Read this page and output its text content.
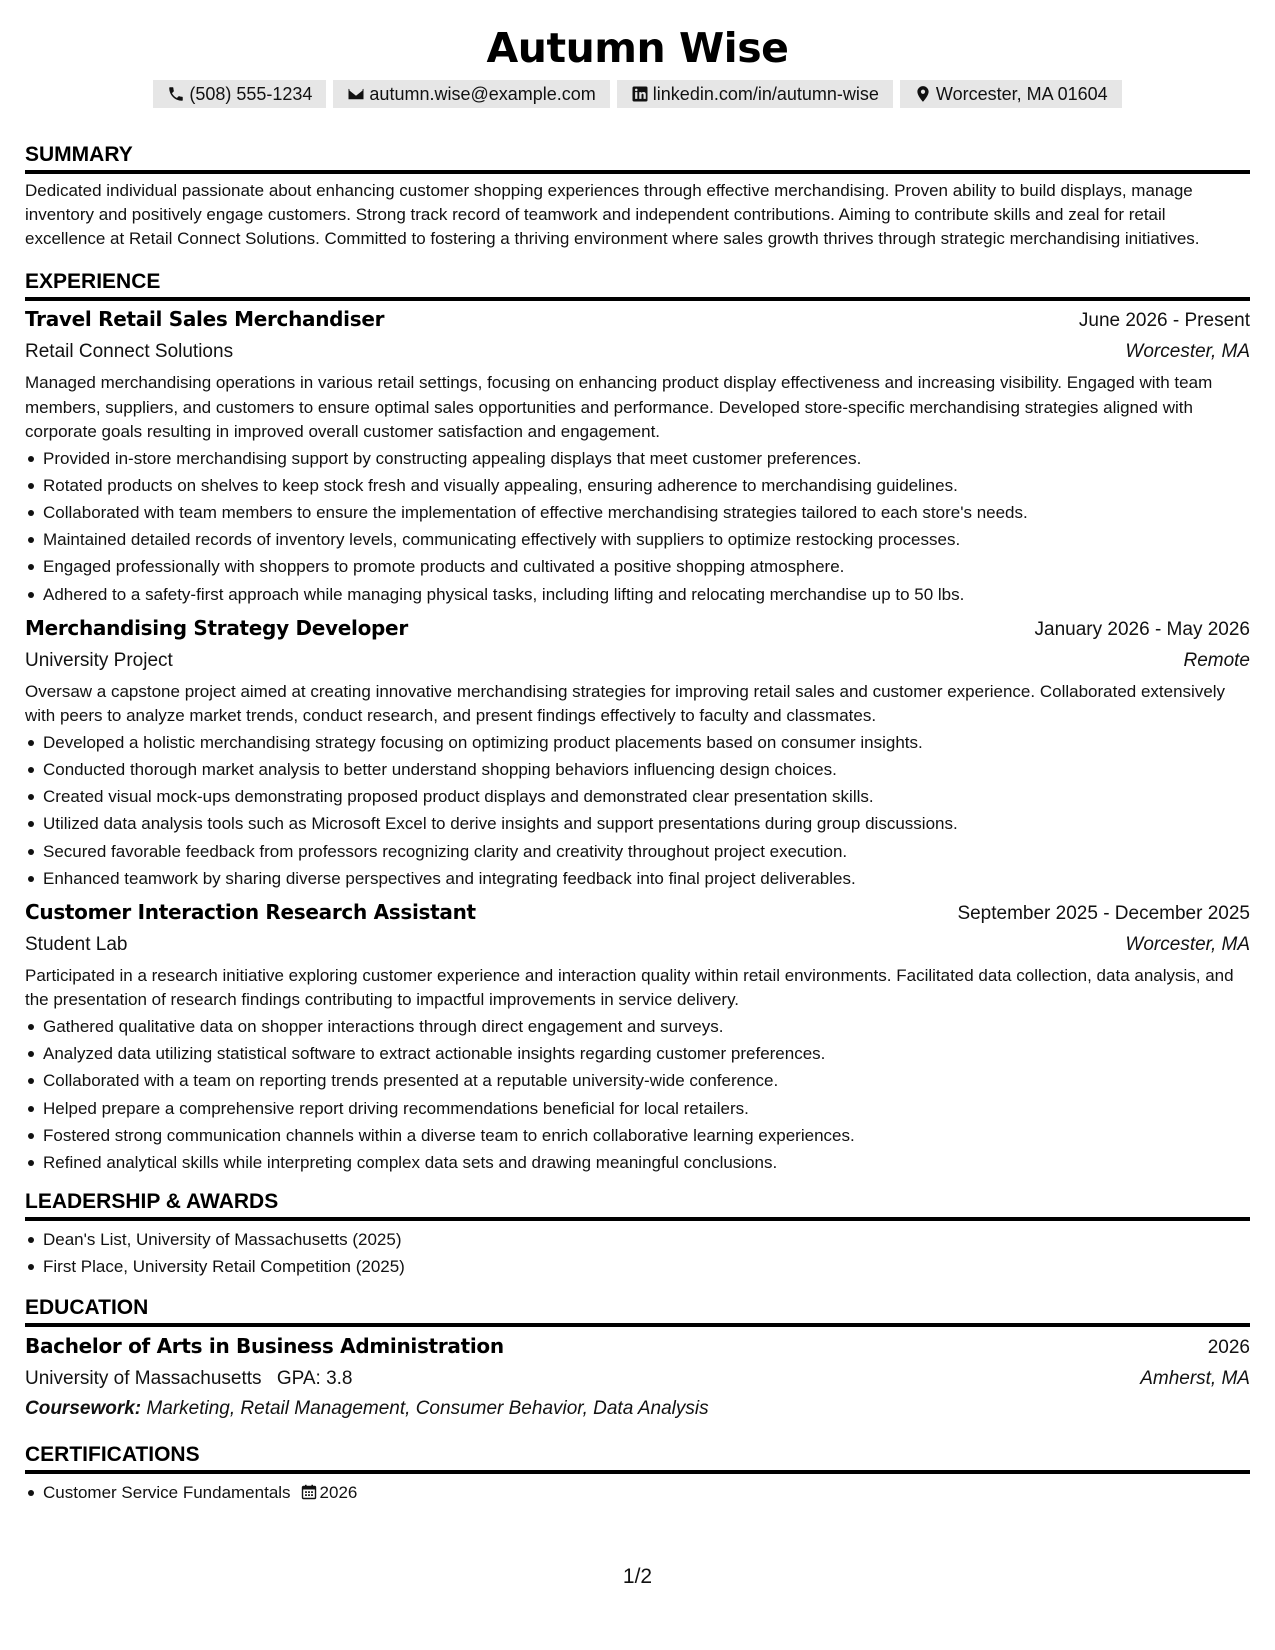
Autumn Wise
(508) 555-1234	autumn.wise@example.com	linkedin.com/in/autumn-wise	Worcester, MA 01604
SUMMARY
Dedicated individual passionate about enhancing customer shopping experiences through effective merchandising. Proven ability to build displays, manage inventory and positively engage customers. Strong track record of teamwork and independent contributions. Aiming to contribute skills and zeal for retail excellence at Retail Connect Solutions. Committed to fostering a thriving environment where sales growth thrives through strategic merchandising initiatives.
EXPERIENCE
Travel Retail Sales Merchandiser	June 2026 - Present
Retail Connect Solutions	Worcester, MA
Managed merchandising operations in various retail settings, focusing on enhancing product display effectiveness and increasing visibility. Engaged with team members, suppliers, and customers to ensure optimal sales opportunities and performance. Developed store-specific merchandising strategies aligned with corporate goals resulting in improved overall customer satisfaction and engagement.
Provided in-store merchandising support by constructing appealing displays that meet customer preferences.
Rotated products on shelves to keep stock fresh and visually appealing, ensuring adherence to merchandising guidelines.
Collaborated with team members to ensure the implementation of effective merchandising strategies tailored to each store's needs.
Maintained detailed records of inventory levels, communicating effectively with suppliers to optimize restocking processes.
Engaged professionally with shoppers to promote products and cultivated a positive shopping atmosphere.
Adhered to a safety-first approach while managing physical tasks, including lifting and relocating merchandise up to 50 lbs.
Merchandising Strategy Developer	January 2026 - May 2026
University Project	Remote
Oversaw a capstone project aimed at creating innovative merchandising strategies for improving retail sales and customer experience. Collaborated extensively with peers to analyze market trends, conduct research, and present findings effectively to faculty and classmates.
Developed a holistic merchandising strategy focusing on optimizing product placements based on consumer insights.
Conducted thorough market analysis to better understand shopping behaviors influencing design choices.
Created visual mock-ups demonstrating proposed product displays and demonstrated clear presentation skills.
Utilized data analysis tools such as Microsoft Excel to derive insights and support presentations during group discussions.
Secured favorable feedback from professors recognizing clarity and creativity throughout project execution.
Enhanced teamwork by sharing diverse perspectives and integrating feedback into final project deliverables.
Customer Interaction Research Assistant	September 2025 - December 2025
Student Lab	Worcester, MA
Participated in a research initiative exploring customer experience and interaction quality within retail environments. Facilitated data collection, data analysis, and the presentation of research findings contributing to impactful improvements in service delivery.
Gathered qualitative data on shopper interactions through direct engagement and surveys.
Analyzed data utilizing statistical software to extract actionable insights regarding customer preferences.
Collaborated with a team on reporting trends presented at a reputable university-wide conference.
Helped prepare a comprehensive report driving recommendations beneficial for local retailers.
Fostered strong communication channels within a diverse team to enrich collaborative learning experiences.
Refined analytical skills while interpreting complex data sets and drawing meaningful conclusions.
LEADERSHIP & AWARDS
Dean's List, University of Massachusetts (2025)
First Place, University Retail Competition (2025)
EDUCATION
Bachelor of Arts in Business Administration	2026
University of Massachusetts GPA: 3.8	Amherst, MA
Coursework: Marketing, Retail Management, Consumer Behavior, Data Analysis
CERTIFICATIONS
Customer Service Fundamentals 2026
1/2
